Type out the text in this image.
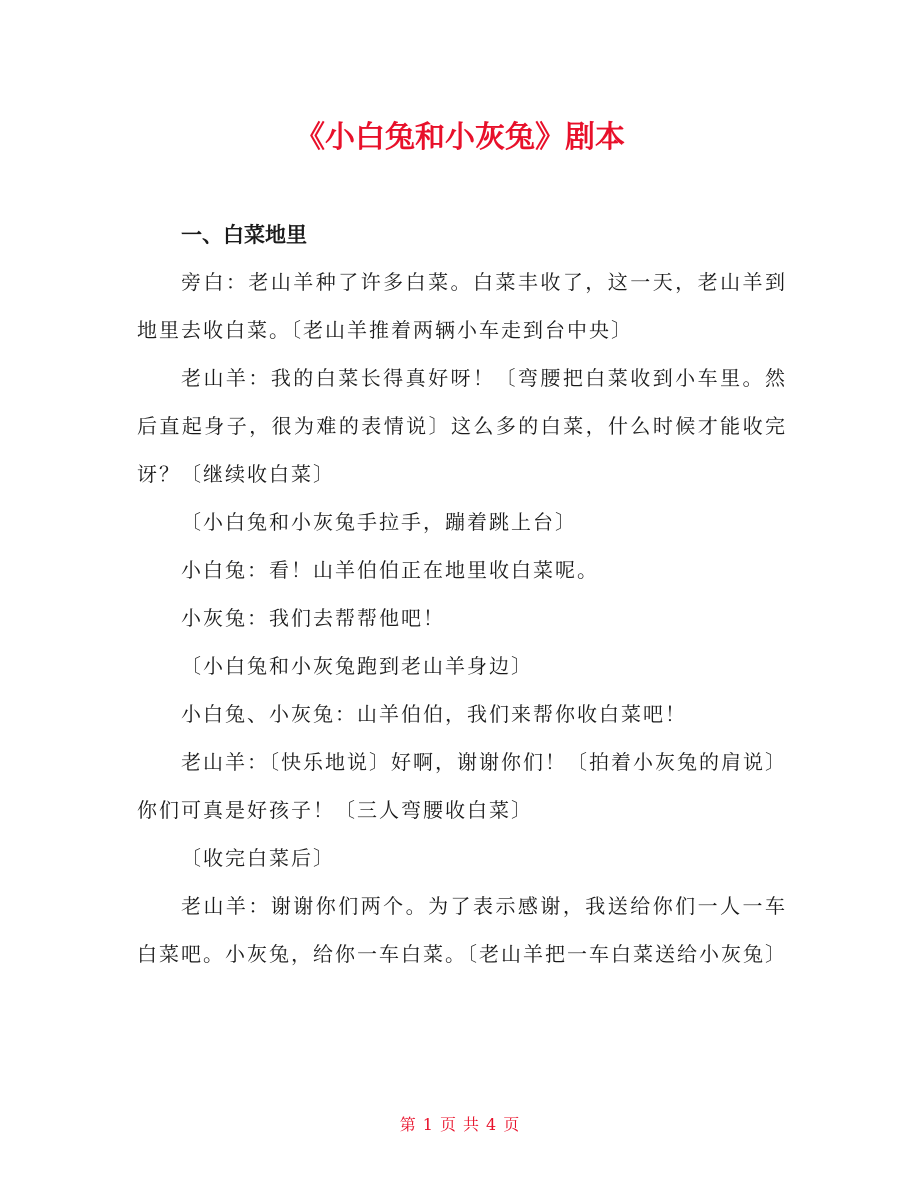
《小白兔和小灰兔》剧本

一、白菜地里

旁白：老山羊种了许多白菜。白菜丰收了，这一天，老山羊到地里去收白菜。〔老山羊推着两辆小车走到台中央〕

老山羊：我的白菜长得真好呀！〔弯腰把白菜收到小车里。然后直起身子，很为难的表情说〕这么多的白菜，什么时候才能收完讶？〔继续收白菜〕

〔小白兔和小灰兔手拉手，蹦着跳上台〕

小白兔：看！山羊伯伯正在地里收白菜呢。

小灰兔：我们去帮帮他吧！

〔小白兔和小灰兔跑到老山羊身边〕

小白兔、小灰兔：山羊伯伯，我们来帮你收白菜吧！

老山羊：〔快乐地说〕好啊，谢谢你们！〔拍着小灰兔的肩说〕你们可真是好孩子！〔三人弯腰收白菜〕

〔收完白菜后〕

老山羊：谢谢你们两个。为了表示感谢，我送给你们一人一车白菜吧。小灰兔，给你一车白菜。〔老山羊把一车白菜送给小灰兔〕

第 1 页 共 4 页
